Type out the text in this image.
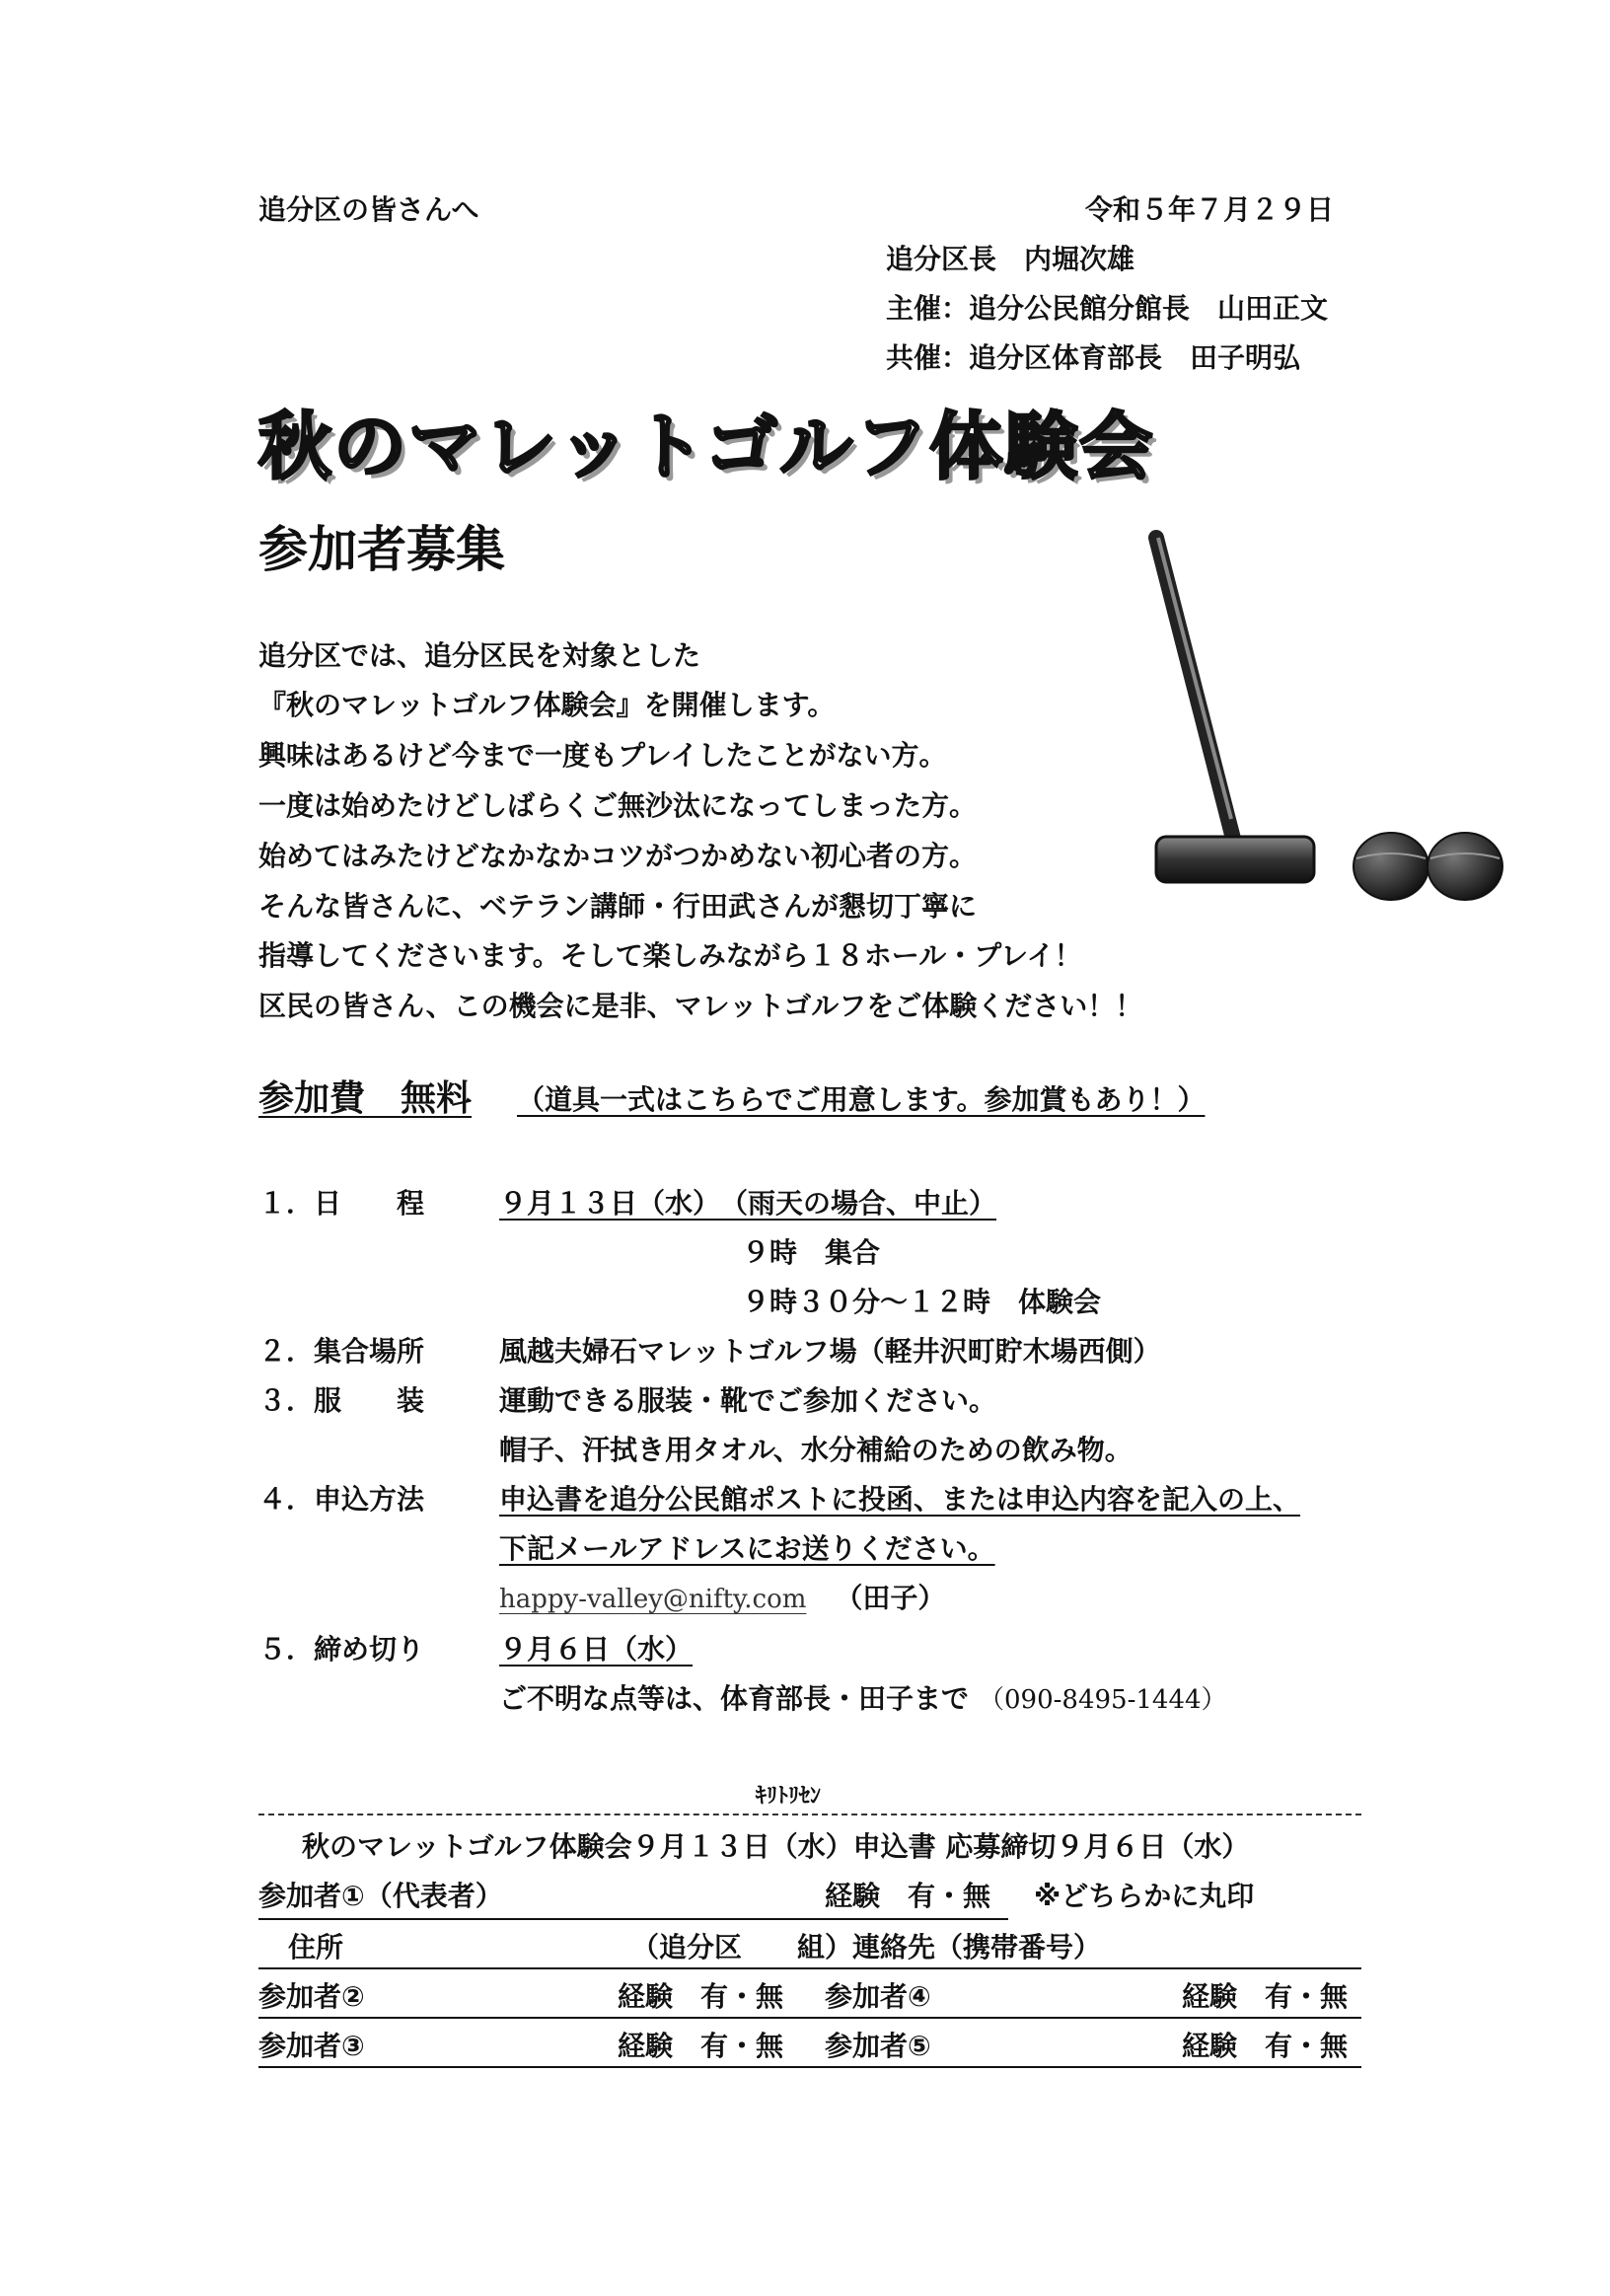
追分区の皆さんへ	令和５年７月２９日
追分区長　内堀次雄
主催：追分公民館分館長　山田正文
共催：追分区体育部長　田子明弘
秋のマレットゴルフ体験会
参加者募集
追分区では、追分区民を対象とした
『秋のマレットゴルフ体験会』を開催します。
興味はあるけど今まで一度もプレイしたことがない方。
一度は始めたけどしばらくご無沙汰になってしまった方。
始めてはみたけどなかなかコツがつかめない初心者の方。
そんな皆さんに、ベテラン講師・行田武さんが懇切丁寧に
指導してくださいます。そして楽しみながら１８ホール・プレイ！
区民の皆さん、この機会に是非、マレットゴルフをご体験ください！！
参加費　無料 （道具一式はこちらでご用意します。参加賞もあり！）
１．日　　程	９月１３日（水）　（雨天の場合、中止）
９時　集合
９時３０分～１２時　体験会
２．集合場所	風越夫婦石マレットゴルフ場（軽井沢町貯木場西側）
３．服　　装	運動できる服装・靴でご参加ください。
帽子、汗拭き用タオル、水分補給のための飲み物。
４．申込方法	申込書を追分公民館ポストに投函、または申込内容を記入の上、
下記メールアドレスにお送りください。
happy-valley@nifty.com （田子）
５．締め切り	９月６日（水）
ご不明な点等は、体育部長・田子まで （090-8495-1444）
ｷﾘﾄﾘｾﾝ
秋のマレットゴルフ体験会９月１３日（水）申込書 応募締切９月６日（水）
参加者①（代表者）	経験　有・無 ※どちらかに丸印
住所	（追分区　　組）連絡先（携帯番号）
参加者②	経験　有・無 参加者④	経験　有・無
参加者③	経験　有・無 参加者⑤	経験　有・無
